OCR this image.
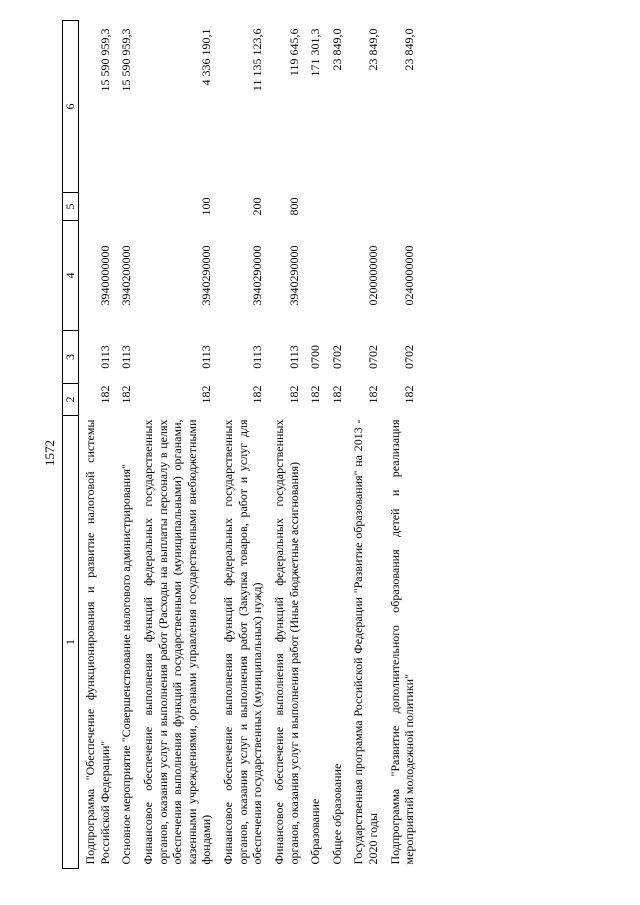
1572
1	2	3	4	5	6
Подпрограмма "Обеспечение функционирования и развитие налоговой системы Российской Федерации"	182	0113	3940000000		15 590 959,3
Основное мероприятие "Совершенствование налогового администрирования"	182	0113	3940200000		15 590 959,3
Финансовое обеспечение выполнения функций федеральных государственных органов, оказания услуг и выполнения работ (Расходы на выплаты персоналу в целях обеспечения выполнения функций государственными (муниципальными) органами, казенными учреждениями, органами управления государственными внебюджетными фондами)	182	0113	3940290000	100	4 336 190,1
Финансовое обеспечение выполнения функций федеральных государственных органов, оказания услуг и выполнения работ (Закупка товаров, работ и услуг для обеспечения государственных (муниципальных) нужд)	182	0113	3940290000	200	11 135 123,6
Финансовое обеспечение выполнения функций федеральных государственных органов, оказания услуг и выполнения работ (Иные бюджетные ассигнования)	182	0113	3940290000	800	119 645,6
Образование	182	0700			171 301,3
Общее образование	182	0702			23 849,0
Государственная программа Российской Федерации "Развитие образования" на 2013 - 2020 годы	182	0702	0200000000		23 849,0
Подпрограмма "Развитие дополнительного образования детей и реализация мероприятий молодежной политики"	182	0702	0240000000		23 849,0
